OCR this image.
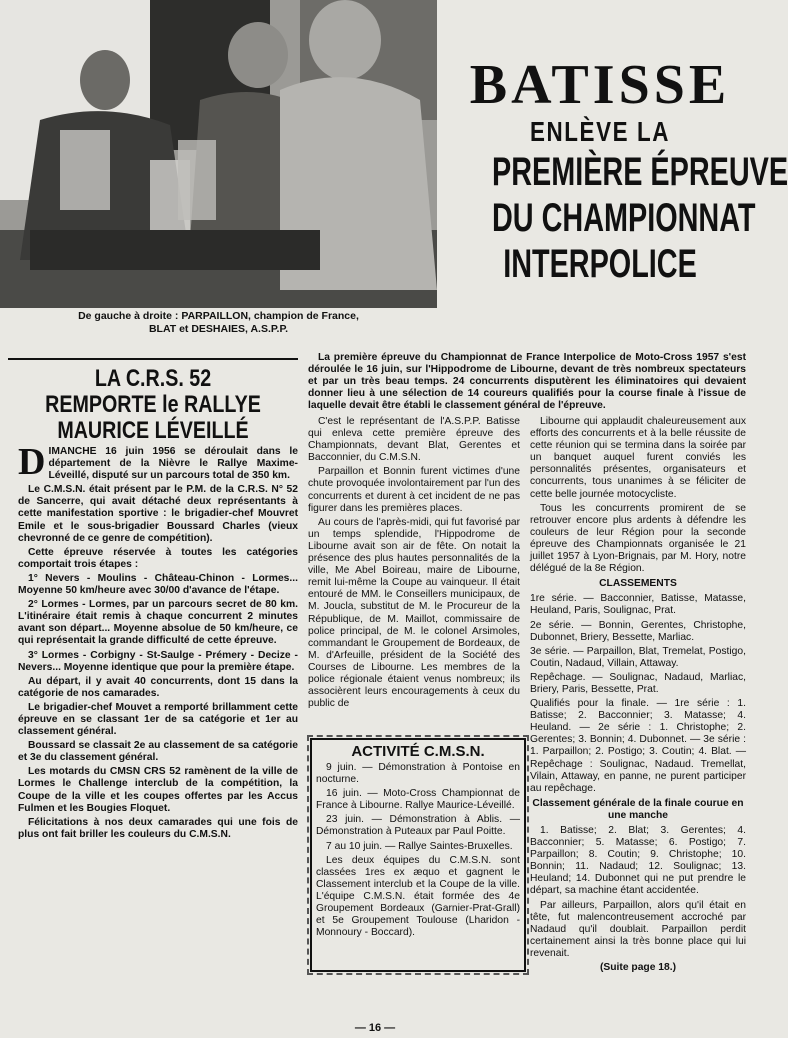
De gauche à droite : PARPAILLON, champion de France,
BLAT et DESHAIES, A.S.P.P.
BATISSE
ENLÈVE LA
PREMIÈRE ÉPREUVE
DU CHAMPIONNAT
INTERPOLICE
LA C.R.S. 52
REMPORTE le RALLYE
MAURICE LÉVEILLÉ

DIMANCHE 16 juin 1956 se déroulait dans le département de la Nièvre le Rallye Maxime-Léveillé, disputé sur un parcours total de 350 km.

Le C.M.S.N. était présent par le P.M. de la C.R.S. N° 52 de Sancerre, qui avait détaché deux représentants à cette manifestation sportive : le brigadier-chef Mouvret Emile et le sous-brigadier Boussard Charles (vieux chevronné de ce genre de compétition).

Cette épreuve réservée à toutes les catégories comportait trois étapes :

1° Nevers - Moulins - Château-Chinon - Lormes... Moyenne 50 km/heure avec 30/00 d'avance de l'étape.

2° Lormes - Lormes, par un parcours secret de 80 km. L'itinéraire était remis à chaque concurrent 2 minutes avant son départ... Moyenne absolue de 50 km/heure, ce qui représentait la grande difficulté de cette épreuve.

3° Lormes - Corbigny - St-Saulge - Prémery - Decize - Nevers... Moyenne identique que pour la première étape.

Au départ, il y avait 40 concurrents, dont 15 dans la catégorie de nos camarades.

Le brigadier-chef Mouvet a remporté brillamment cette épreuve en se classant 1er de sa catégorie et 1er au classement général.

Boussard se classait 2e au classement de sa catégorie et 3e du classement général.

Les motards du CMSN CRS 52 ramènent de la ville de Lormes le Challenge interclub de la compétition, la Coupe de la ville et les coupes offertes par les Accus Fulmen et les Bougies Floquet.

Félicitations à nos deux camarades qui une fois de plus ont fait briller les couleurs du C.M.S.N.

La première épreuve du Championnat de France Interpolice de Moto-Cross 1957 s'est déroulée le 16 juin, sur l'Hippodrome de Libourne, devant de très nombreux spectateurs et par un très beau temps. 24 concurrents disputèrent les éliminatoires qui devaient donner lieu à une sélection de 14 coureurs qualifiés pour la course finale à l'issue de laquelle devait être établi le classement général de l'épreuve.

C'est le représentant de l'A.S.P.P. Batisse qui enleva cette première épreuve des Championnats, devant Blat, Gerentes et Bacconnier, du C.M.S.N.

Parpaillon et Bonnin furent victimes d'une chute provoquée involontairement par l'un des concurrents et durent à cet incident de ne pas figurer dans les premières places.

Au cours de l'après-midi, qui fut favorisé par un temps splendide, l'Hippodrome de Libourne avait son air de fête. On notait la présence des plus hautes personnalités de la ville, Me Abel Boireau, maire de Libourne, remit lui-même la Coupe au vainqueur. Il était entouré de MM. le Conseillers municipaux, de M. Joucla, substitut de M. le Procureur de la République, de M. Maillot, commissaire de police principal, de M. le colonel Arsimoles, commandant le Groupement de Bordeaux, de M. d'Arfeuille, président de la Société des Courses de Libourne. Les membres de la police régionale étaient venus nombreux; ils associèrent leurs encouragements à ceux du public de

ACTIVITÉ C.M.S.N.

9 juin. — Démonstration à Pontoise en nocturne.

16 juin. — Moto-Cross Championnat de France à Libourne. Rallye Maurice-Léveillé.

23 juin. — Démonstration à Ablis. — Démonstration à Puteaux par Paul Poitte.

7 au 10 juin. — Rallye Saintes-Bruxelles.

Les deux équipes du C.M.S.N. sont classées 1res ex æquo et gagnent le Classement interclub et la Coupe de la ville. L'équipe C.M.S.N. était formée des 4e Groupement Bordeaux (Garnier-Prat-Grall) et 5e Groupement Toulouse (Lharidon - Monnoury - Boccard).

Libourne qui applaudit chaleureusement aux efforts des concurrents et à la belle réussite de cette réunion qui se termina dans la soirée par un banquet auquel furent conviés les personnalités présentes, organisateurs et concurrents, tous unanimes à se féliciter de cette belle journée motocycliste.

Tous les concurrents promirent de se retrouver encore plus ardents à défendre les couleurs de leur Région pour la seconde épreuve des Championnats organisée le 21 juillet 1957 à Lyon-Brignais, par M. Hory, notre délégué de la 8e Région.

CLASSEMENTS

1re série. — Bacconnier, Batisse, Matasse, Heuland, Paris, Soulignac, Prat.

2e série. — Bonnin, Gerentes, Christophe, Dubonnet, Briery, Bessette, Marliac.

3e série. — Parpaillon, Blat, Tremelat, Postigo, Coutin, Nadaud, Villain, Attaway.

Repêchage. — Soulignac, Nadaud, Marliac, Briery, Paris, Bessette, Prat.

Qualifiés pour la finale. — 1re série : 1. Batisse; 2. Bacconnier; 3. Matasse; 4. Heuland. — 2e série : 1. Christophe; 2. Gerentes; 3. Bonnin; 4. Dubonnet. — 3e série : 1. Parpaillon; 2. Postigo; 3. Coutin; 4. Blat. — Repêchage : Soulignac, Nadaud. Tremellat, Vilain, Attaway, en panne, ne purent participer au repêchage.

Classement générale de la finale courue en une manche

1. Batisse; 2. Blat; 3. Gerentes; 4. Bacconnier; 5. Matasse; 6. Postigo; 7. Parpaillon; 8. Coutin; 9. Christophe; 10. Bonnin; 11. Nadaud; 12. Soulignac; 13. Heuland; 14. Dubonnet qui ne put prendre le départ, sa machine étant accidentée.

Par ailleurs, Parpaillon, alors qu'il était en tête, fut malencontreusement accroché par Nadaud qu'il doublait. Parpaillon perdit certainement ainsi la très bonne place qui lui revenait.

(Suite page 18.)
— 16 —
